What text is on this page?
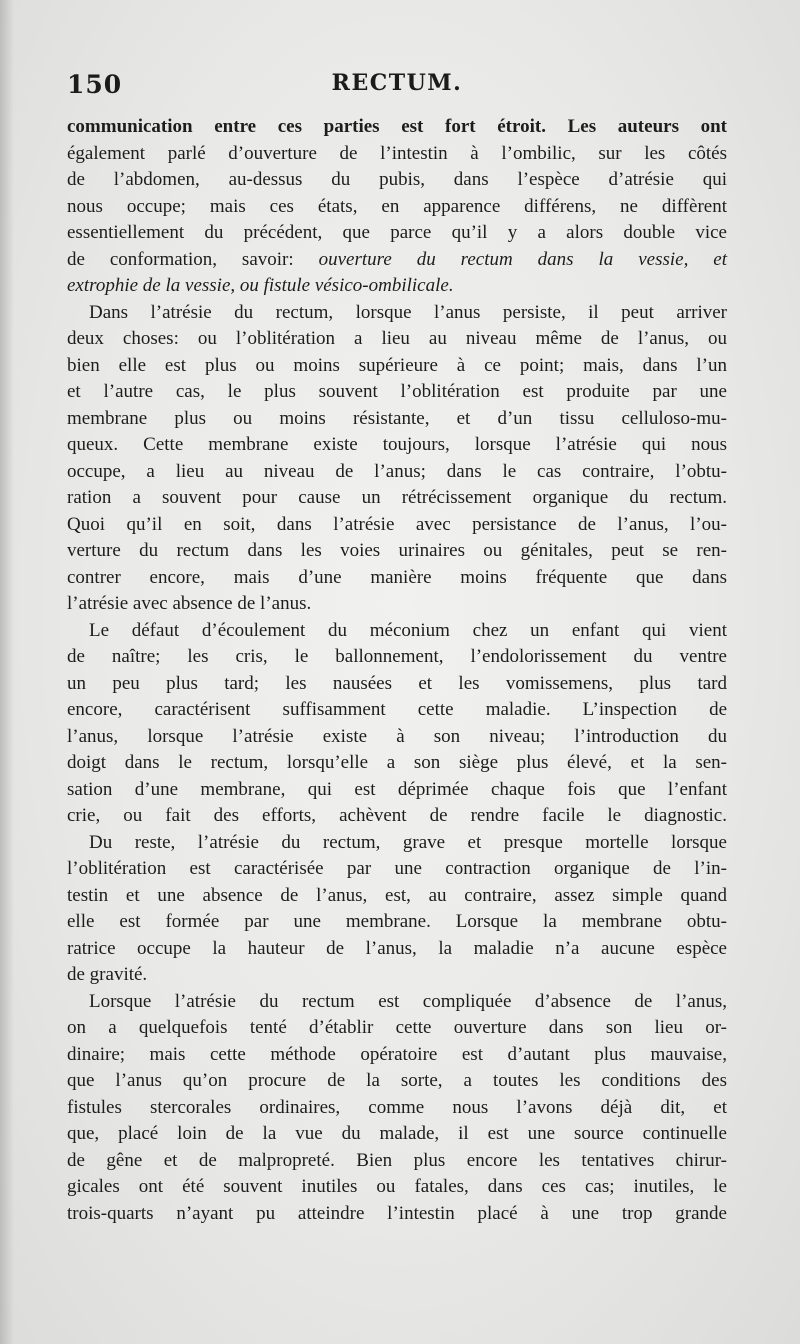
150	RECTUM.

communication entre ces parties est fort étroit. Les auteurs ont
également parlé d’ouverture de l’intestin à l’ombilic, sur les côtés
de l’abdomen, au-dessus du pubis, dans l’espèce d’atrésie qui
nous occupe; mais ces états, en apparence différens, ne diffèrent
essentiellement du précédent, que parce qu’il y a alors double vice
de conformation, savoir: ouverture du rectum dans la vessie, et
extrophie de la vessie, ou fistule vésico-ombilicale.

Dans l’atrésie du rectum, lorsque l’anus persiste, il peut arriver
deux choses: ou l’oblitération a lieu au niveau même de l’anus, ou
bien elle est plus ou moins supérieure à ce point; mais, dans l’un
et l’autre cas, le plus souvent l’oblitération est produite par une
membrane plus ou moins résistante, et d’un tissu celluloso-mu-
queux. Cette membrane existe toujours, lorsque l’atrésie qui nous
occupe, a lieu au niveau de l’anus; dans le cas contraire, l’obtu-
ration a souvent pour cause un rétrécissement organique du rectum.
Quoi qu’il en soit, dans l’atrésie avec persistance de l’anus, l’ou-
verture du rectum dans les voies urinaires ou génitales, peut se ren-
contrer encore, mais d’une manière moins fréquente que dans
l’atrésie avec absence de l’anus.

Le défaut d’écoulement du méconium chez un enfant qui vient
de naître; les cris, le ballonnement, l’endolorissement du ventre
un peu plus tard; les nausées et les vomissemens, plus tard
encore, caractérisent suffisamment cette maladie. L’inspection de
l’anus, lorsque l’atrésie existe à son niveau; l’introduction du
doigt dans le rectum, lorsqu’elle a son siège plus élevé, et la sen-
sation d’une membrane, qui est déprimée chaque fois que l’enfant
crie, ou fait des efforts, achèvent de rendre facile le diagnostic.

Du reste, l’atrésie du rectum, grave et presque mortelle lorsque
l’oblitération est caractérisée par une contraction organique de l’in-
testin et une absence de l’anus, est, au contraire, assez simple quand
elle est formée par une membrane. Lorsque la membrane obtu-
ratrice occupe la hauteur de l’anus, la maladie n’a aucune espèce
de gravité.

Lorsque l’atrésie du rectum est compliquée d’absence de l’anus,
on a quelquefois tenté d’établir cette ouverture dans son lieu or-
dinaire; mais cette méthode opératoire est d’autant plus mauvaise,
que l’anus qu’on procure de la sorte, a toutes les conditions des
fistules stercorales ordinaires, comme nous l’avons déjà dit, et
que, placé loin de la vue du malade, il est une source continuelle
de gêne et de malpropreté. Bien plus encore les tentatives chirur-
gicales ont été souvent inutiles ou fatales, dans ces cas; inutiles, le
trois-quarts n’ayant pu atteindre l’intestin placé à une trop grande
